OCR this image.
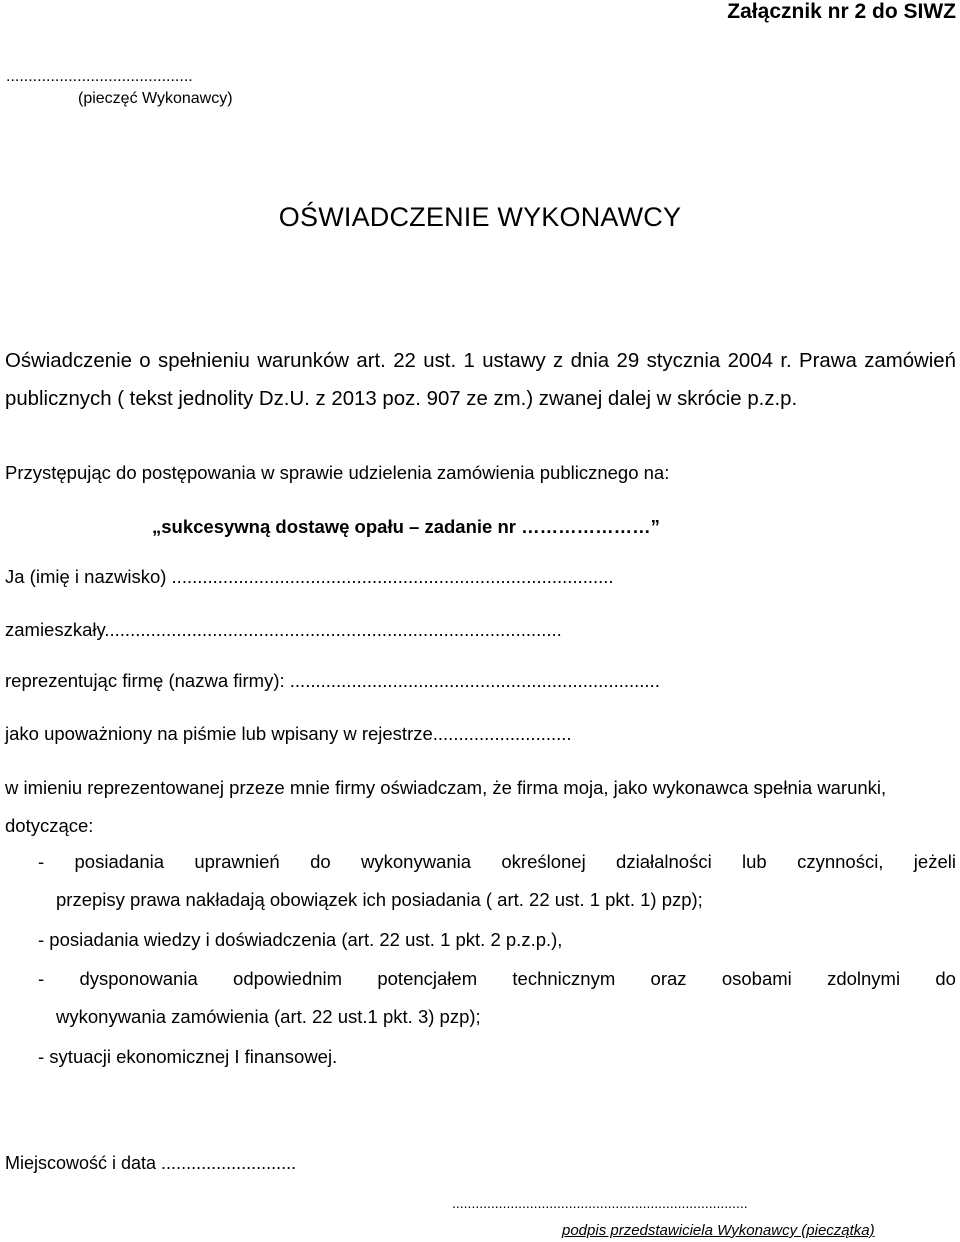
Załącznik nr 2 do SIWZ
..........................................
(pieczęć Wykonawcy)
OŚWIADCZENIE WYKONAWCY
Oświadczenie o spełnieniu warunków art. 22 ust. 1 ustawy z dnia 29 stycznia 2004 r. Prawa zamówień publicznych ( tekst jednolity Dz.U. z 2013 poz. 907 ze zm.) zwanej dalej w skrócie p.z.p.
Przystępując do postępowania w sprawie udzielenia zamówienia publicznego na:
„sukcesywną dostawę opału – zadanie nr …………………”
Ja (imię i nazwisko) ......................................................................................
zamieszkały.........................................................................................
reprezentując firmę (nazwa firmy): ........................................................................
jako upoważniony na piśmie lub wpisany w rejestrze...........................
w imieniu reprezentowanej przeze mnie firmy oświadczam, że firma moja, jako wykonawca spełnia warunki, dotyczące:
- posiadania uprawnień do wykonywania określonej działalności lub czynności, jeżeli
przepisy prawa nakładają obowiązek ich posiadania ( art. 22 ust. 1 pkt. 1) pzp);
- posiadania wiedzy i doświadczenia (art. 22 ust. 1 pkt. 2 p.z.p.),
- dysponowania odpowiednim potencjałem technicznym oraz osobami zdolnymi do
wykonywania zamówienia (art. 22 ust.1 pkt. 3) pzp);
- sytuacji ekonomicznej I finansowej.
Miejscowość i data ...........................
............................................................................
podpis przedstawiciela Wykonawcy (pieczątka)
